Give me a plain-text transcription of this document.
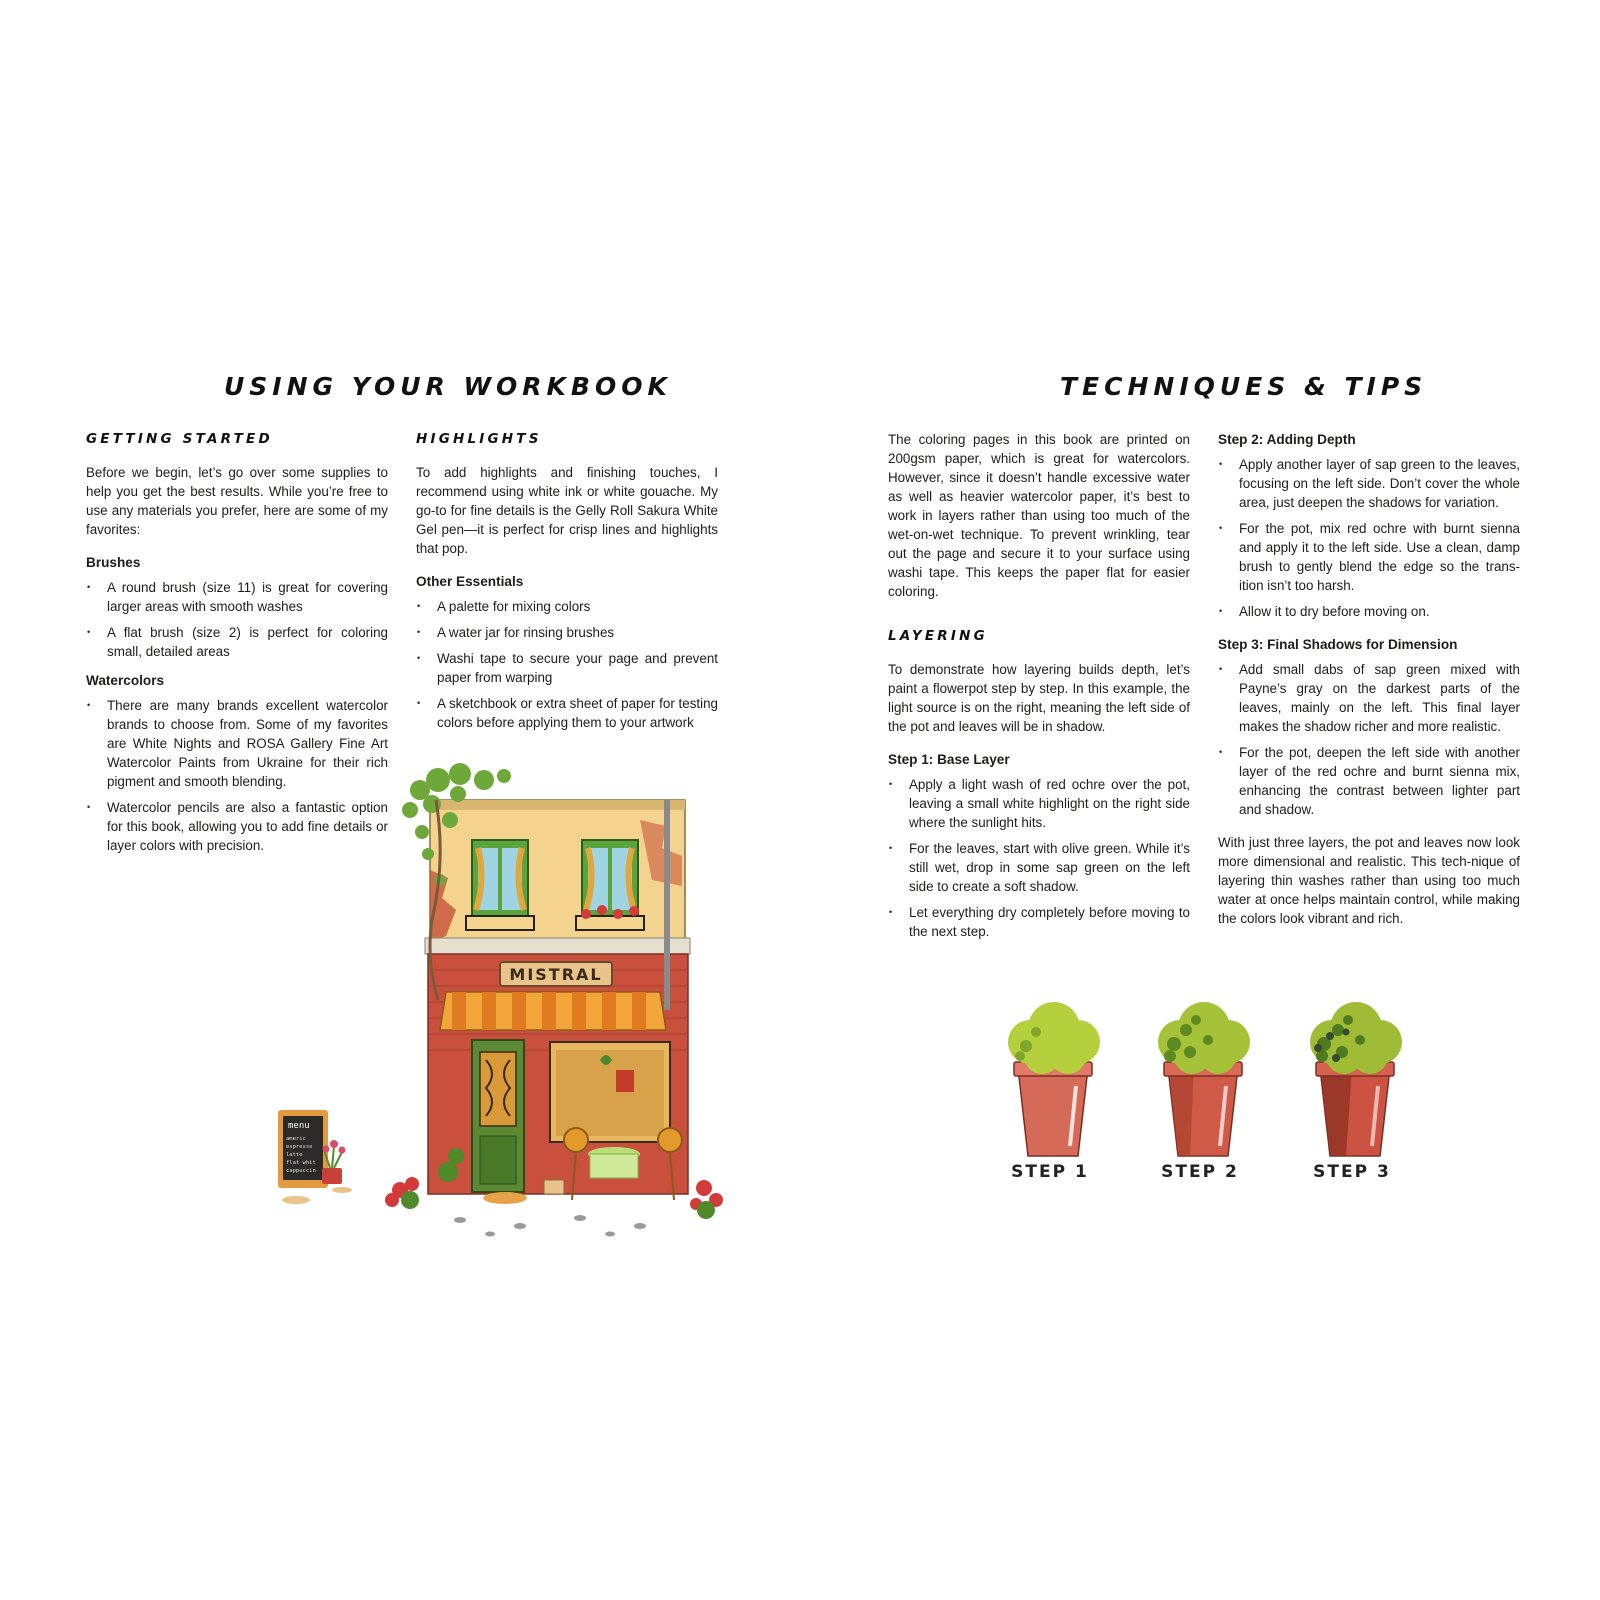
USING YOUR WORKBOOK
GETTING STARTED

Before we begin, let’s go over some supplies to help you get the best results. While you’re free to use any materials you prefer, here are some of my favorites:

Brushes
• A round brush (size 11) is great for covering larger areas with smooth washes
• A flat brush (size 2) is perfect for coloring small, detailed areas
Watercolors
• There are many brands excellent watercolor brands to choose from. Some of my favorites are White Nights and ROSA Gallery Fine Art Watercolor Paints from Ukraine for their rich pigment and smooth blending.
• Watercolor pencils are also a fantastic option for this book, allowing you to add fine details or layer colors with precision.
HIGHLIGHTS

To add highlights and finishing touches, I recommend using white ink or white gouache. My go-to for fine details is the Gelly Roll Sakura White Gel pen—it is perfect for crisp lines and highlights that pop.

Other Essentials
• A palette for mixing colors
• A water jar for rinsing brushes
• Washi tape to secure your page and prevent paper from warping
• A sketchbook or extra sheet of paper for testing colors before applying them to your artwork
menu
americ
espresso
latte
flat whit
cappuccin
MISTRAL
TECHNIQUES & TIPS

The coloring pages in this book are printed on 200gsm paper, which is great for watercolors. However, since it doesn’t handle excessive water as well as heavier watercolor paper, it’s best to work in layers rather than using too much of the wet-on-wet technique. To prevent wrinkling, tear out the page and secure it to your surface using washi tape. This keeps the paper flat for easier coloring.

LAYERING

To demonstrate how layering builds depth, let’s paint a flowerpot step by step. In this example, the light source is on the right, meaning the left side of the pot and leaves will be in shadow.

Step 1: Base Layer
• Apply a light wash of red ochre over the pot, leaving a small white highlight on the right side where the sunlight hits.
• For the leaves, start with olive green. While it’s still wet, drop in some sap green on the left side to create a soft shadow.
• Let everything dry completely before moving to the next step.
Step 2: Adding Depth
• Apply another layer of sap green to the leaves, focusing on the left side. Don’t cover the whole area, just deepen the shadows for variation.
• For the pot, mix red ochre with burnt sienna and apply it to the left side. Use a clean, damp brush to gently blend the edge so the trans-ition isn’t too harsh.
• Allow it to dry before moving on.
Step 3: Final Shadows for Dimension
• Add small dabs of sap green mixed with Payne’s gray on the darkest parts of the leaves, mainly on the left. This final layer makes the shadow richer and more realistic.
• For the pot, deepen the left side with another layer of the red ochre and burnt sienna mix, enhancing the contrast between lighter part and shadow.

With just three layers, the pot and leaves now look more dimensional and realistic. This tech-nique of layering thin washes rather than using too much water at once helps maintain control, while making the colors look vibrant and rich.

STEP 1	STEP 2	STEP 3
